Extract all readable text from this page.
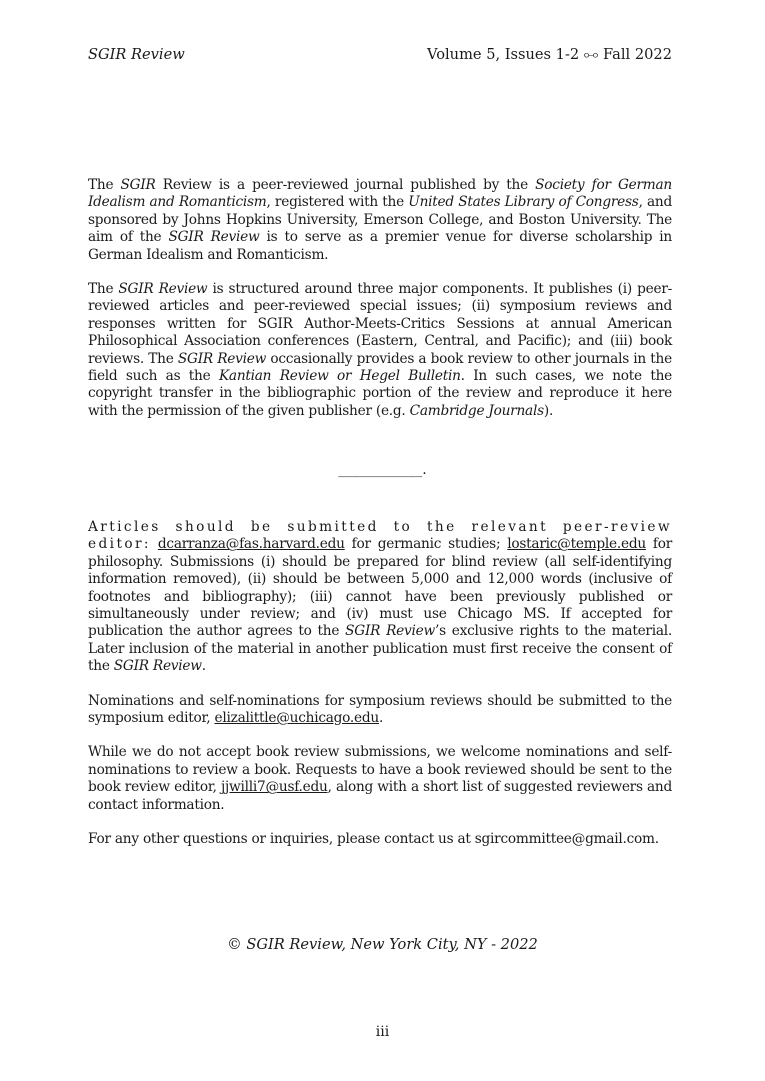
SGIR Review	Volume 5, Issues 1-2 ⧟ Fall 2022

The SGIR Review is a peer-reviewed journal published by the Society for German Idealism and Romanticism, registered with the United States Library of Congress, and sponsored by Johns Hopkins University, Emerson College, and Boston University. The aim of the SGIR Review is to serve as a premier venue for diverse scholarship in German Idealism and Romanticism.

The SGIR Review is structured around three major components. It publishes (i) peer-reviewed articles and peer-reviewed special issues; (ii) symposium reviews and responses written for SGIR Author-Meets-Critics Sessions at annual American Philosophical Association conferences (Eastern, Central, and Pacific); and (iii) book reviews. The SGIR Review occasionally provides a book review to other journals in the field such as the Kantian Review or Hegel Bulletin. In such cases, we note the copyright transfer in the bibliographic portion of the review and reproduce it here with the permission of the given publisher (e.g. Cambridge Journals).

____________.

Articles should be submitted to the relevant peer-review editor: dcarranza@fas.harvard.edu for germanic studies; lostaric@temple.edu for philosophy. Submissions (i) should be prepared for blind review (all self-identifying information removed), (ii) should be between 5,000 and 12,000 words (inclusive of footnotes and bibliography); (iii) cannot have been previously published or simultaneously under review; and (iv) must use Chicago MS. If accepted for publication the author agrees to the SGIR Review’s exclusive rights to the material. Later inclusion of the material in another publication must first receive the consent of the SGIR Review.

Nominations and self-nominations for symposium reviews should be submitted to the symposium editor, elizalittle@uchicago.edu.

While we do not accept book review submissions, we welcome nominations and self-nominations to review a book. Requests to have a book reviewed should be sent to the book review editor, jjwilli7@usf.edu, along with a short list of suggested reviewers and contact information.

For any other questions or inquiries, please contact us at sgircommittee@gmail.com.

© SGIR Review, New York City, NY - 2022
iii
